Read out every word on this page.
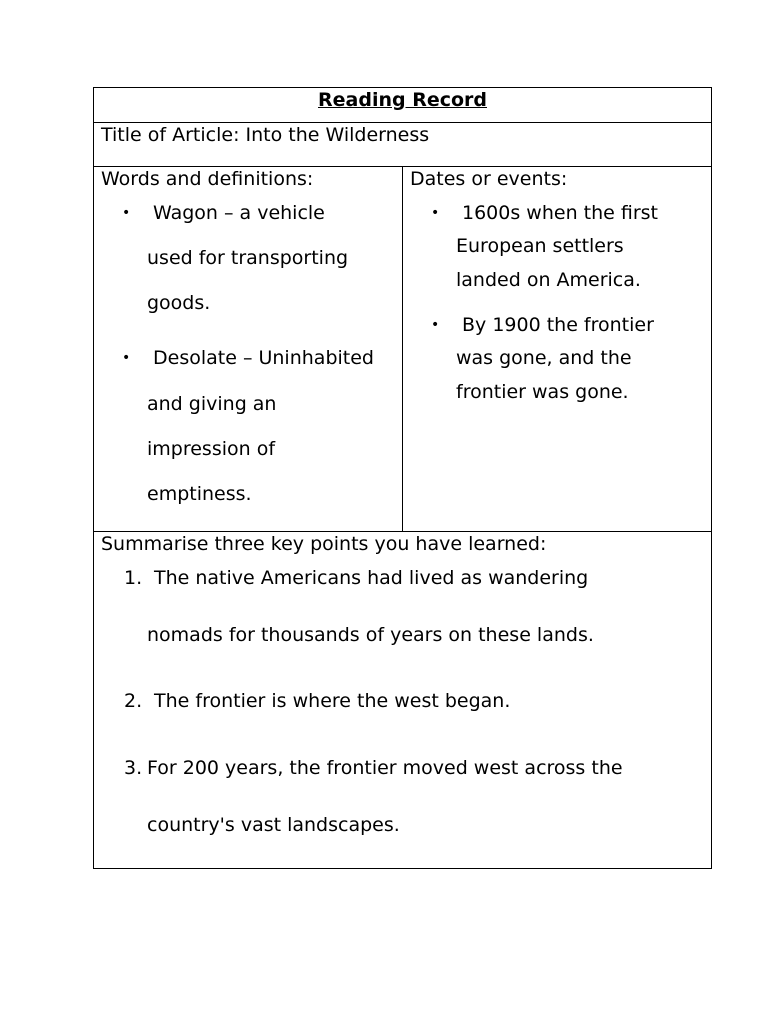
Reading Record
Title of Article: Into the Wilderness
Words and definitions:
• Wagon – a vehicle
used for transporting
goods.
• Desolate – Uninhabited
and giving an
impression of
emptiness.
Dates or events:
• 1600s when the first
European settlers
landed on America.
• By 1900 the frontier
was gone, and the
frontier was gone.
Summarise three key points you have learned:
1. The native Americans had lived as wandering
nomads for thousands of years on these lands.
2. The frontier is where the west began.
3. For 200 years, the frontier moved west across the
country's vast landscapes.
